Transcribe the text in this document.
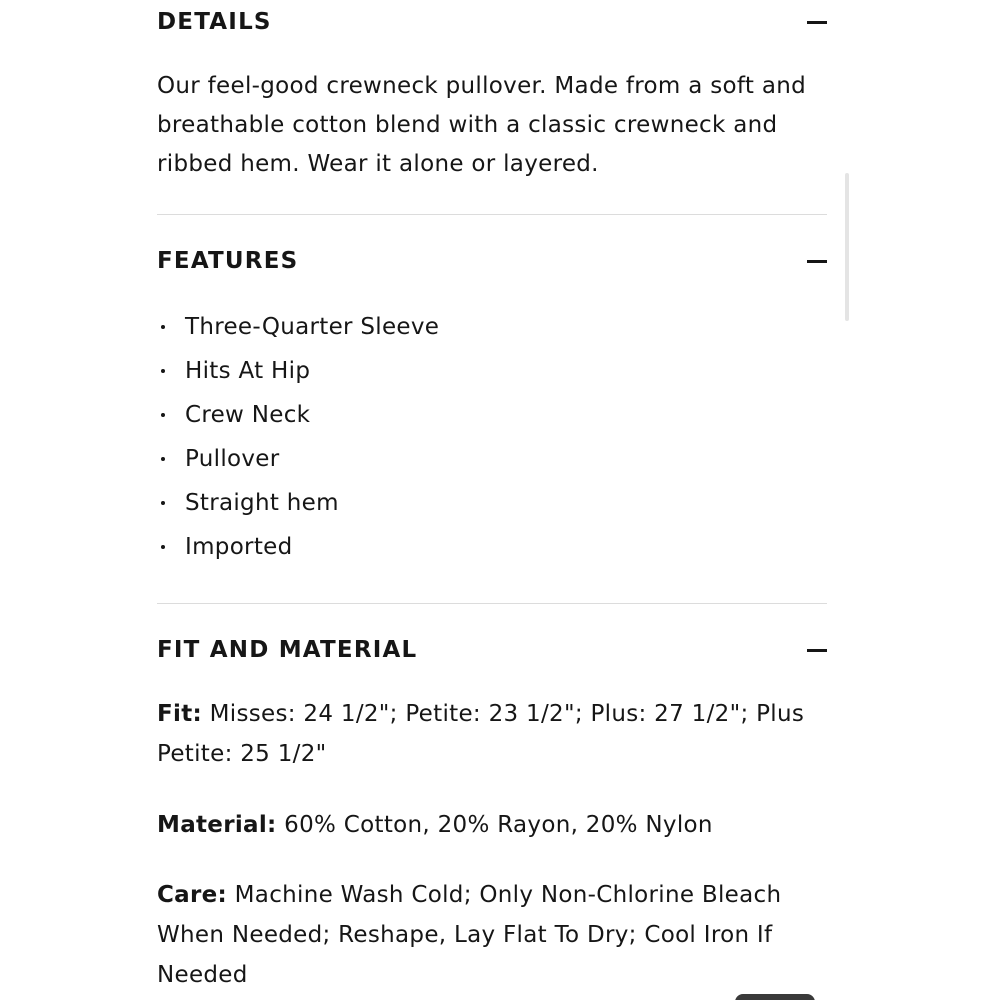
DETAILS

Our feel-good crewneck pullover. Made from a soft and breathable cotton blend with a classic crewneck and ribbed hem. Wear it alone or layered.

FEATURES
Three-Quarter Sleeve
Hits At Hip
Crew Neck
Pullover
Straight hem
Imported
FIT AND MATERIAL

Fit: Misses: 24 1/2"; Petite: 23 1/2"; Plus: 27 1/2"; Plus Petite: 25 1/2"

Material: 60% Cotton, 20% Rayon, 20% Nylon

Care: Machine Wash Cold; Only Non-Chlorine Bleach When Needed; Reshape, Lay Flat To Dry; Cool Iron If Needed
